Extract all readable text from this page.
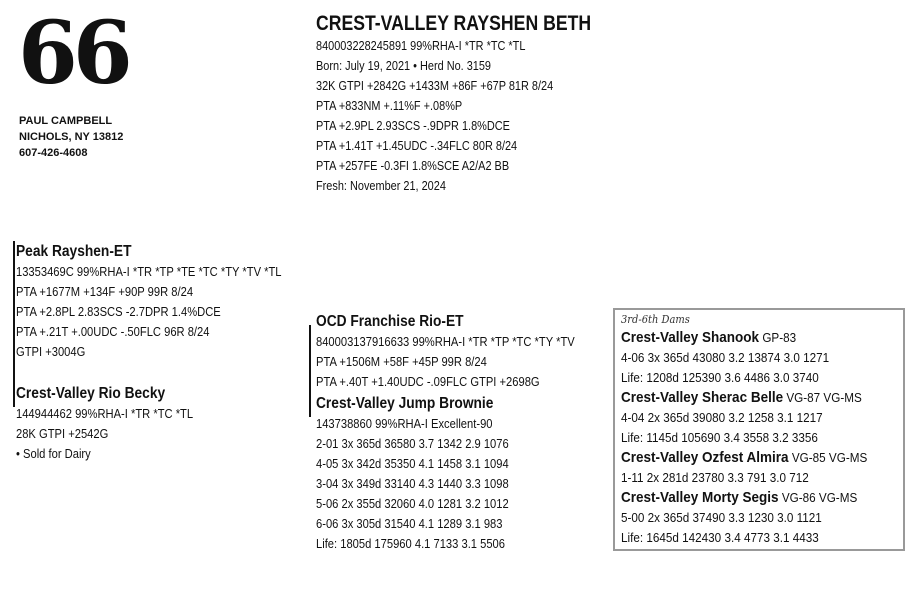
66
PAUL CAMPBELL
NICHOLS, NY 13812
607-426-4608
CREST-VALLEY RAYSHEN BETH
840003228245891 99%RHA-I *TR *TC *TL
Born: July 19, 2021 • Herd No. 3159
32K GTPI +2842G +1433M +86F +67P 81R 8/24
PTA +833NM +.11%F +.08%P
PTA +2.9PL 2.93SCS -.9DPR 1.8%DCE
PTA +1.41T +1.45UDC -.34FLC 80R 8/24
PTA +257FE -0.3FI 1.8%SCE A2/A2 BB
Fresh: November 21, 2024
Peak Rayshen-ET
13353469C 99%RHA-I *TR *TP *TE *TC *TY *TV *TL
PTA +1677M +134F +90P 99R 8/24
PTA +2.8PL 2.83SCS -2.7DPR 1.4%DCE
PTA +.21T +.00UDC -.50FLC 96R 8/24
GTPI +3004G
Crest-Valley Rio Becky
144944462 99%RHA-I *TR *TC *TL
28K GTPI +2542G
• Sold for Dairy
OCD Franchise Rio-ET
840003137916633 99%RHA-I *TR *TP *TC *TY *TV
PTA +1506M +58F +45P 99R 8/24
PTA +.40T +1.40UDC -.09FLC GTPI +2698G
Crest-Valley Jump Brownie
143738860 99%RHA-I Excellent-90
2-01 3x 365d 36580 3.7 1342 2.9 1076
4-05 3x 342d 35350 4.1 1458 3.1 1094
3-04 3x 349d 33140 4.3 1440 3.3 1098
5-06 2x 355d 32060 4.0 1281 3.2 1012
6-06 3x 305d 31540 4.1 1289 3.1 983
Life: 1805d 175960 4.1 7133 3.1 5506
3rd-6th Dams
Crest-Valley Shanook GP-83
4-06 3x 365d 43080 3.2 13874 3.0 1271
Life: 1208d 125390 3.6 4486 3.0 3740
Crest-Valley Sherac Belle VG-87 VG-MS
4-04 2x 365d 39080 3.2 1258 3.1 1217
Life: 1145d 105690 3.4 3558 3.2 3356
Crest-Valley Ozfest Almira VG-85 VG-MS
1-11 2x 281d 23780 3.3 791 3.0 712
Crest-Valley Morty Segis VG-86 VG-MS
5-00 2x 365d 37490 3.3 1230 3.0 1121
Life: 1645d 142430 3.4 4773 3.1 4433
